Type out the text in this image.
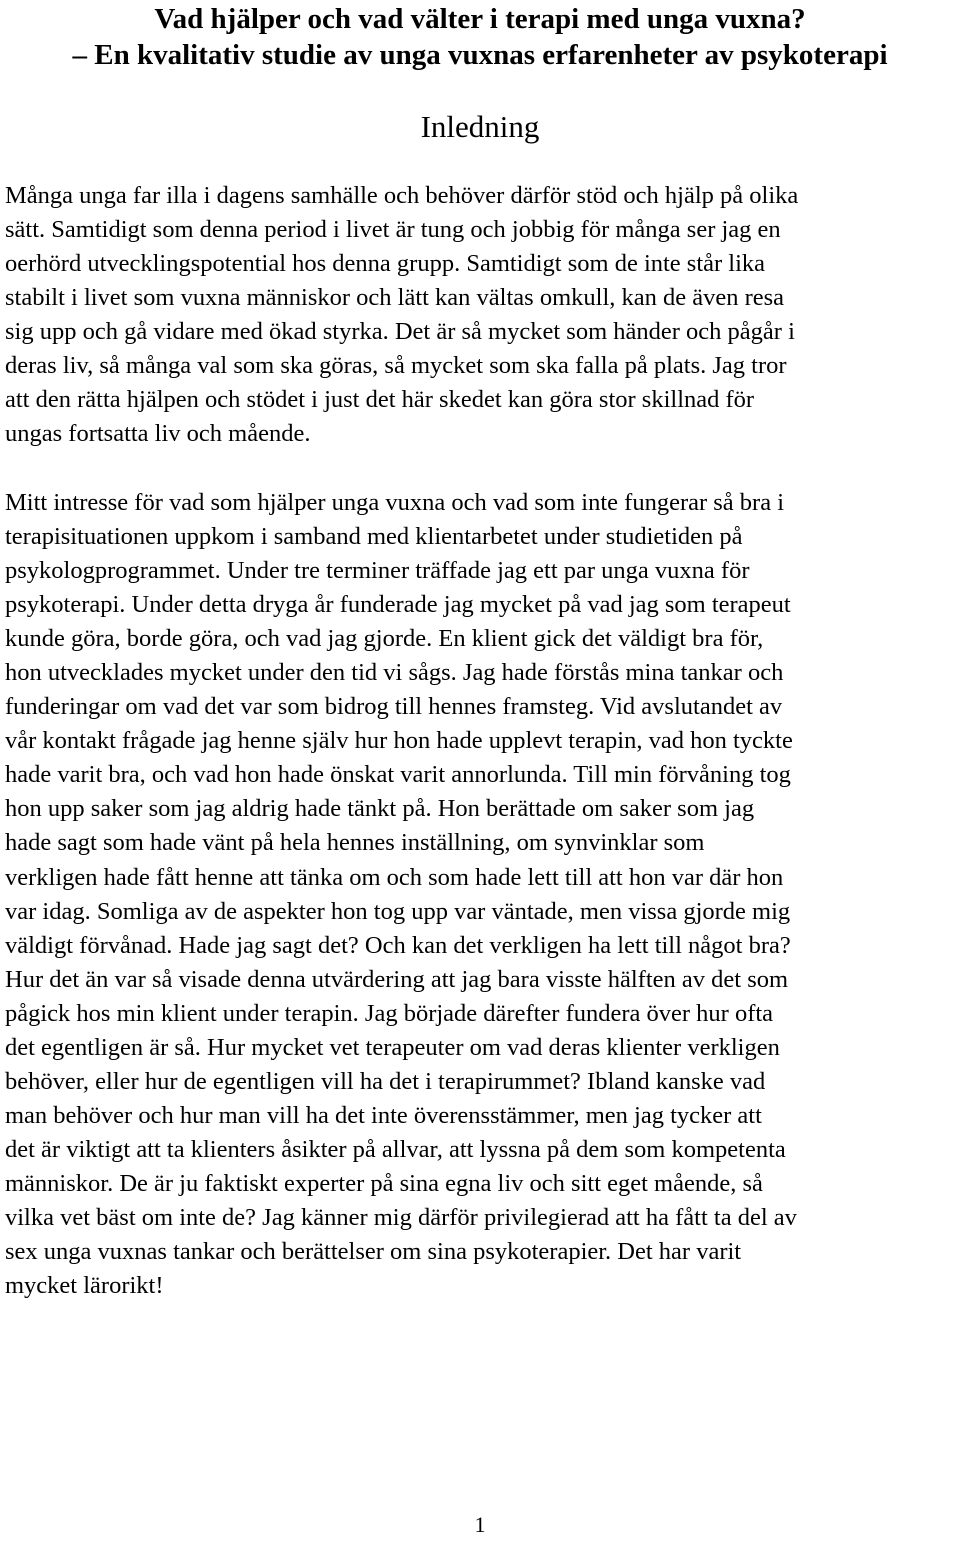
Vad hjälper och vad välter i terapi med unga vuxna?
– En kvalitativ studie av unga vuxnas erfarenheter av psykoterapi
Inledning

Många unga far illa i dagens samhälle och behöver därför stöd och hjälp på olika
sätt. Samtidigt som denna period i livet är tung och jobbig för många ser jag en
oerhörd utvecklingspotential hos denna grupp. Samtidigt som de inte står lika
stabilt i livet som vuxna människor och lätt kan vältas omkull, kan de även resa
sig upp och gå vidare med ökad styrka. Det är så mycket som händer och pågår i
deras liv, så många val som ska göras, så mycket som ska falla på plats. Jag tror
att den rätta hjälpen och stödet i just det här skedet kan göra stor skillnad för
ungas fortsatta liv och mående.

Mitt intresse för vad som hjälper unga vuxna och vad som inte fungerar så bra i
terapisituationen uppkom i samband med klientarbetet under studietiden på
psykologprogrammet. Under tre terminer träffade jag ett par unga vuxna för
psykoterapi. Under detta dryga år funderade jag mycket på vad jag som terapeut
kunde göra, borde göra, och vad jag gjorde. En klient gick det väldigt bra för,
hon utvecklades mycket under den tid vi sågs. Jag hade förstås mina tankar och
funderingar om vad det var som bidrog till hennes framsteg. Vid avslutandet av
vår kontakt frågade jag henne själv hur hon hade upplevt terapin, vad hon tyckte
hade varit bra, och vad hon hade önskat varit annorlunda. Till min förvåning tog
hon upp saker som jag aldrig hade tänkt på. Hon berättade om saker som jag
hade sagt som hade vänt på hela hennes inställning, om synvinklar som
verkligen hade fått henne att tänka om och som hade lett till att hon var där hon
var idag. Somliga av de aspekter hon tog upp var väntade, men vissa gjorde mig
väldigt förvånad. Hade jag sagt det? Och kan det verkligen ha lett till något bra?
Hur det än var så visade denna utvärdering att jag bara visste hälften av det som
pågick hos min klient under terapin. Jag började därefter fundera över hur ofta
det egentligen är så. Hur mycket vet terapeuter om vad deras klienter verkligen
behöver, eller hur de egentligen vill ha det i terapirummet? Ibland kanske vad
man behöver och hur man vill ha det inte överensstämmer, men jag tycker att
det är viktigt att ta klienters åsikter på allvar, att lyssna på dem som kompetenta
människor. De är ju faktiskt experter på sina egna liv och sitt eget mående, så
vilka vet bäst om inte de? Jag känner mig därför privilegierad att ha fått ta del av
sex unga vuxnas tankar och berättelser om sina psykoterapier. Det har varit
mycket lärorikt!

1
